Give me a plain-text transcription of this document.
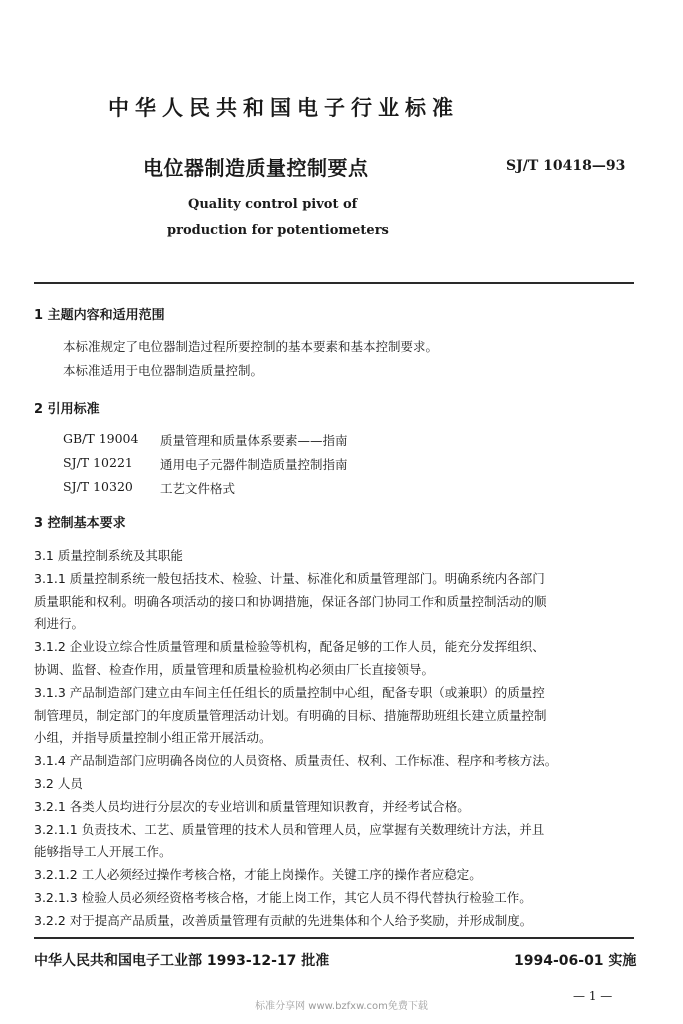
中华人民共和国电子行业标准
电位器制造质量控制要点	SJ/T 10418—93
Quality control pivot of
production for potentiometers
1 主题内容和适用范围
本标准规定了电位器制造过程所要控制的基本要素和基本控制要求。
本标准适用于电位器制造质量控制。
2 引用标准
GB/T 19004 质量管理和质量体系要素——指南
SJ/T 10221 通用电子元器件制造质量控制指南
SJ/T 10320 工艺文件格式
3 控制基本要求
3.1 质量控制系统及其职能
3.1.1 质量控制系统一般包括技术、检验、计量、标准化和质量管理部门。明确系统内各部门
质量职能和权利。明确各项活动的接口和协调措施，保证各部门协同工作和质量控制活动的顺
利进行。
3.1.2 企业设立综合性质量管理和质量检验等机构，配备足够的工作人员，能充分发挥组织、
协调、监督、检查作用，质量管理和质量检验机构必须由厂长直接领导。
3.1.3 产品制造部门建立由车间主任任组长的质量控制中心组，配备专职（或兼职）的质量控
制管理员，制定部门的年度质量管理活动计划。有明确的目标、措施帮助班组长建立质量控制
小组，并指导质量控制小组正常开展活动。
3.1.4 产品制造部门应明确各岗位的人员资格、质量责任、权利、工作标准、程序和考核方法。
3.2 人员
3.2.1 各类人员均进行分层次的专业培训和质量管理知识教育，并经考试合格。
3.2.1.1 负责技术、工艺、质量管理的技术人员和管理人员，应掌握有关数理统计方法，并且
能够指导工人开展工作。
3.2.1.2 工人必须经过操作考核合格，才能上岗操作。关键工序的操作者应稳定。
3.2.1.3 检验人员必须经资格考核合格，才能上岗工作，其它人员不得代替执行检验工作。
3.2.2 对于提高产品质量，改善质量管理有贡献的先进集体和个人给予奖励，并形成制度。
中华人民共和国电子工业部 1993-12-17 批准	1994-06-01 实施
标准分享网 www.bzfxw.com免费下载
— 1 —
